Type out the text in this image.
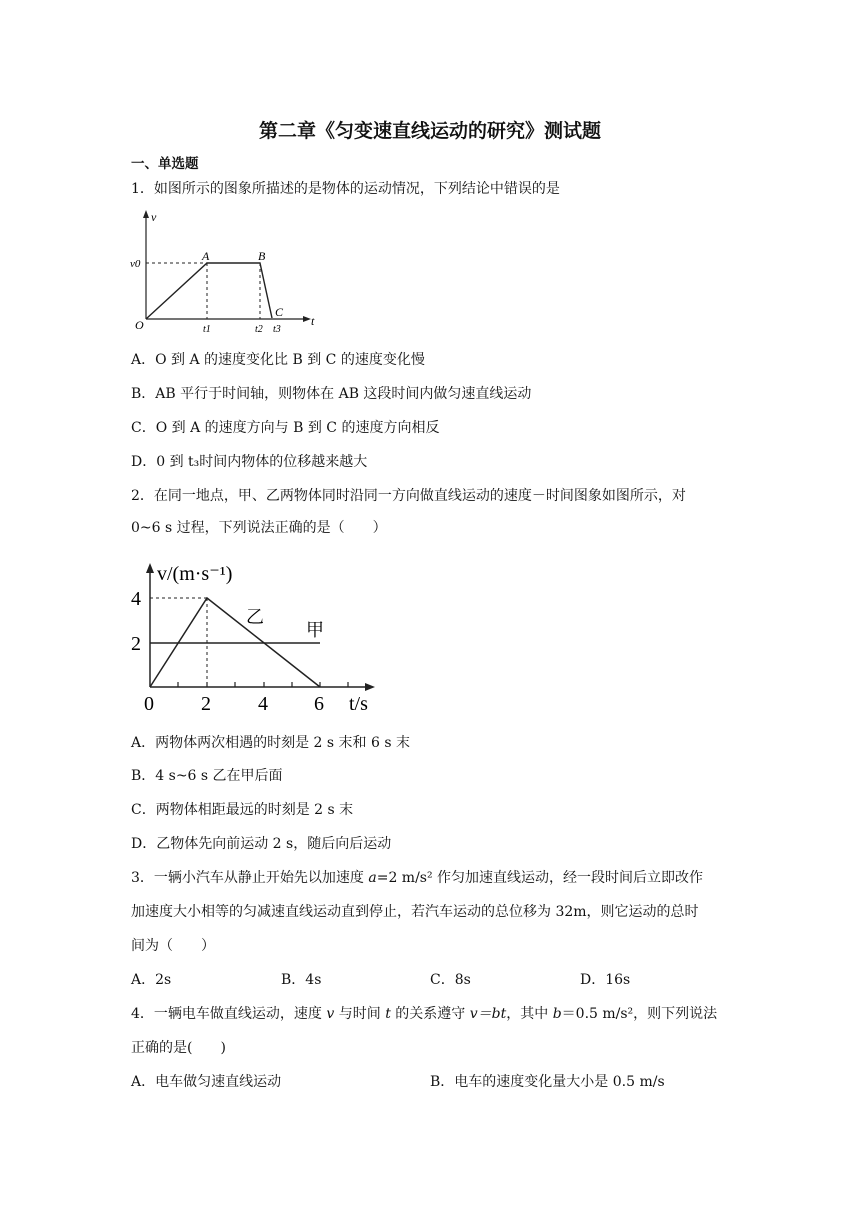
第二章《匀变速直线运动的研究》测试题
一、单选题
1．如图所示的图象所描述的是物体的运动情况，下列结论中错误的是
v
t
v0
O
A	B
C
t1	t2 t3
A．O 到 A 的速度变化比 B 到 C 的速度变化慢
B．AB 平行于时间轴，则物体在 AB 这段时间内做匀速直线运动
C．O 到 A 的速度方向与 B 到 C 的速度方向相反
D．0 到 t₃时间内物体的位移越来越大
2．在同一地点，甲、乙两物体同时沿同一方向做直线运动的速度－时间图象如图所示，对
0~6 s 过程，下列说法正确的是（　　）
v/(m·s⁻¹)
t/s
4
2
0 2 4 6
乙
甲
A．两物体两次相遇的时刻是 2 s 末和 6 s 末
B．4 s~6 s 乙在甲后面
C．两物体相距最远的时刻是 2 s 末
D．乙物体先向前运动 2 s，随后向后运动
3．一辆小汽车从静止开始先以加速度 a=2 m/s² 作匀加速直线运动，经一段时间后立即改作
加速度大小相等的匀减速直线运动直到停止，若汽车运动的总位移为 32m，则它运动的总时
间为（　　）
A．2s	B．4s	C．8s	D．16s
4．一辆电车做直线运动，速度 v 与时间 t 的关系遵守 v＝bt，其中 b＝0.5 m/s²，则下列说法
正确的是(　　)
A．电车做匀速直线运动	B．电车的速度变化量大小是 0.5 m/s
